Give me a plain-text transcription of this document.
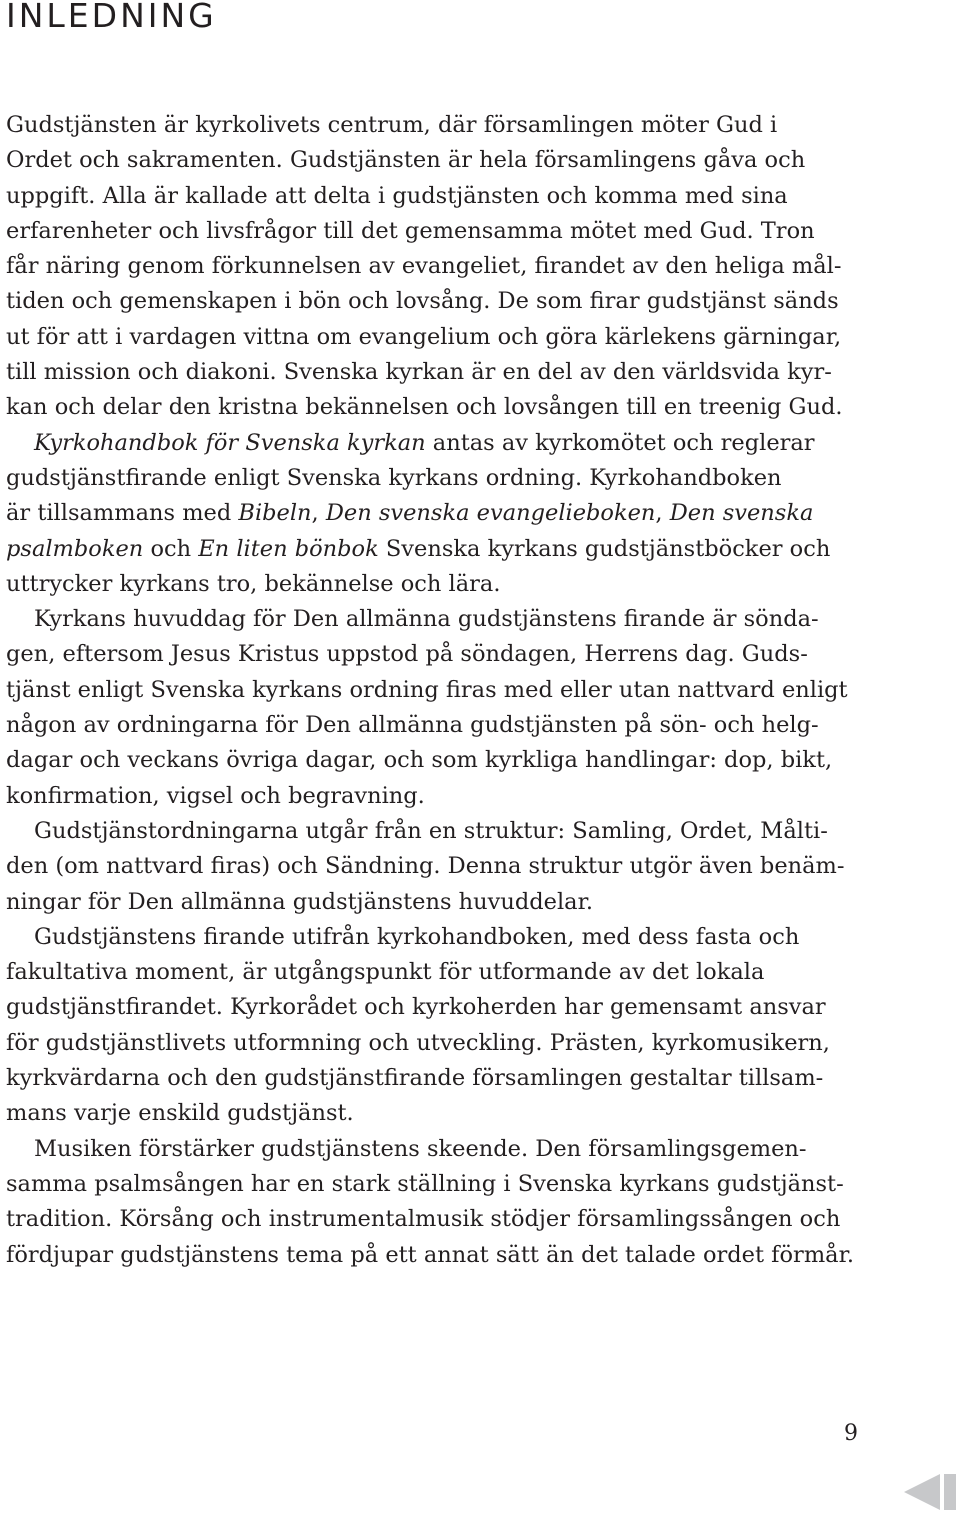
INLEDNING
Gudstjänsten är kyrkolivets centrum, där församlingen möter Gud i
Ordet och sakramenten. Gudstjänsten är hela församlingens gåva och
uppgift. Alla är kallade att delta i gudstjänsten och komma med sina
erfarenheter och livsfrågor till det gemensamma mötet med Gud. Tron
får näring genom förkunnelsen av evangeliet, firandet av den heliga mål-
tiden och gemenskapen i bön och lovsång. De som firar gudstjänst sänds
ut för att i vardagen vittna om evangelium och göra kärlekens gärningar,
till mission och diakoni. Svenska kyrkan är en del av den världsvida kyr-
kan och delar den kristna bekännelsen och lovsången till en treenig Gud.
Kyrkohandbok för Svenska kyrkan antas av kyrkomötet och reglerar
gudstjänstfirande enligt Svenska kyrkans ordning. Kyrkohandboken
är tillsammans med Bibeln, Den svenska evangelieboken, Den svenska
psalmboken och En liten bönbok Svenska kyrkans gudstjänstböcker och
uttrycker kyrkans tro, bekännelse och lära.
Kyrkans huvuddag för Den allmänna gudstjänstens firande är sönda-
gen, eftersom Jesus Kristus uppstod på söndagen, Herrens dag. Guds-
tjänst enligt Svenska kyrkans ordning firas med eller utan nattvard enligt
någon av ordningarna för Den allmänna gudstjänsten på sön- och helg-
dagar och veckans övriga dagar, och som kyrkliga handlingar: dop, bikt,
konfirmation, vigsel och begravning.
Gudstjänstordningarna utgår från en struktur: Samling, Ordet, Målti-
den (om nattvard firas) och Sändning. Denna struktur utgör även benäm-
ningar för Den allmänna gudstjänstens huvuddelar.
Gudstjänstens firande utifrån kyrkohandboken, med dess fasta och
fakultativa moment, är utgångspunkt för utformande av det lokala
gudstjänstfirandet. Kyrkorådet och kyrkoherden har gemensamt ansvar
för gudstjänstlivets utformning och utveckling. Prästen, kyrkomusikern,
kyrkvärdarna och den gudstjänstfirande församlingen gestaltar tillsam-
mans varje enskild gudstjänst.
Musiken förstärker gudstjänstens skeende. Den församlingsgemen-
samma psalmsången har en stark ställning i Svenska kyrkans gudstjänst-
tradition. Körsång och instrumentalmusik stödjer församlingssången och
fördjupar gudstjänstens tema på ett annat sätt än det talade ordet förmår.
9
